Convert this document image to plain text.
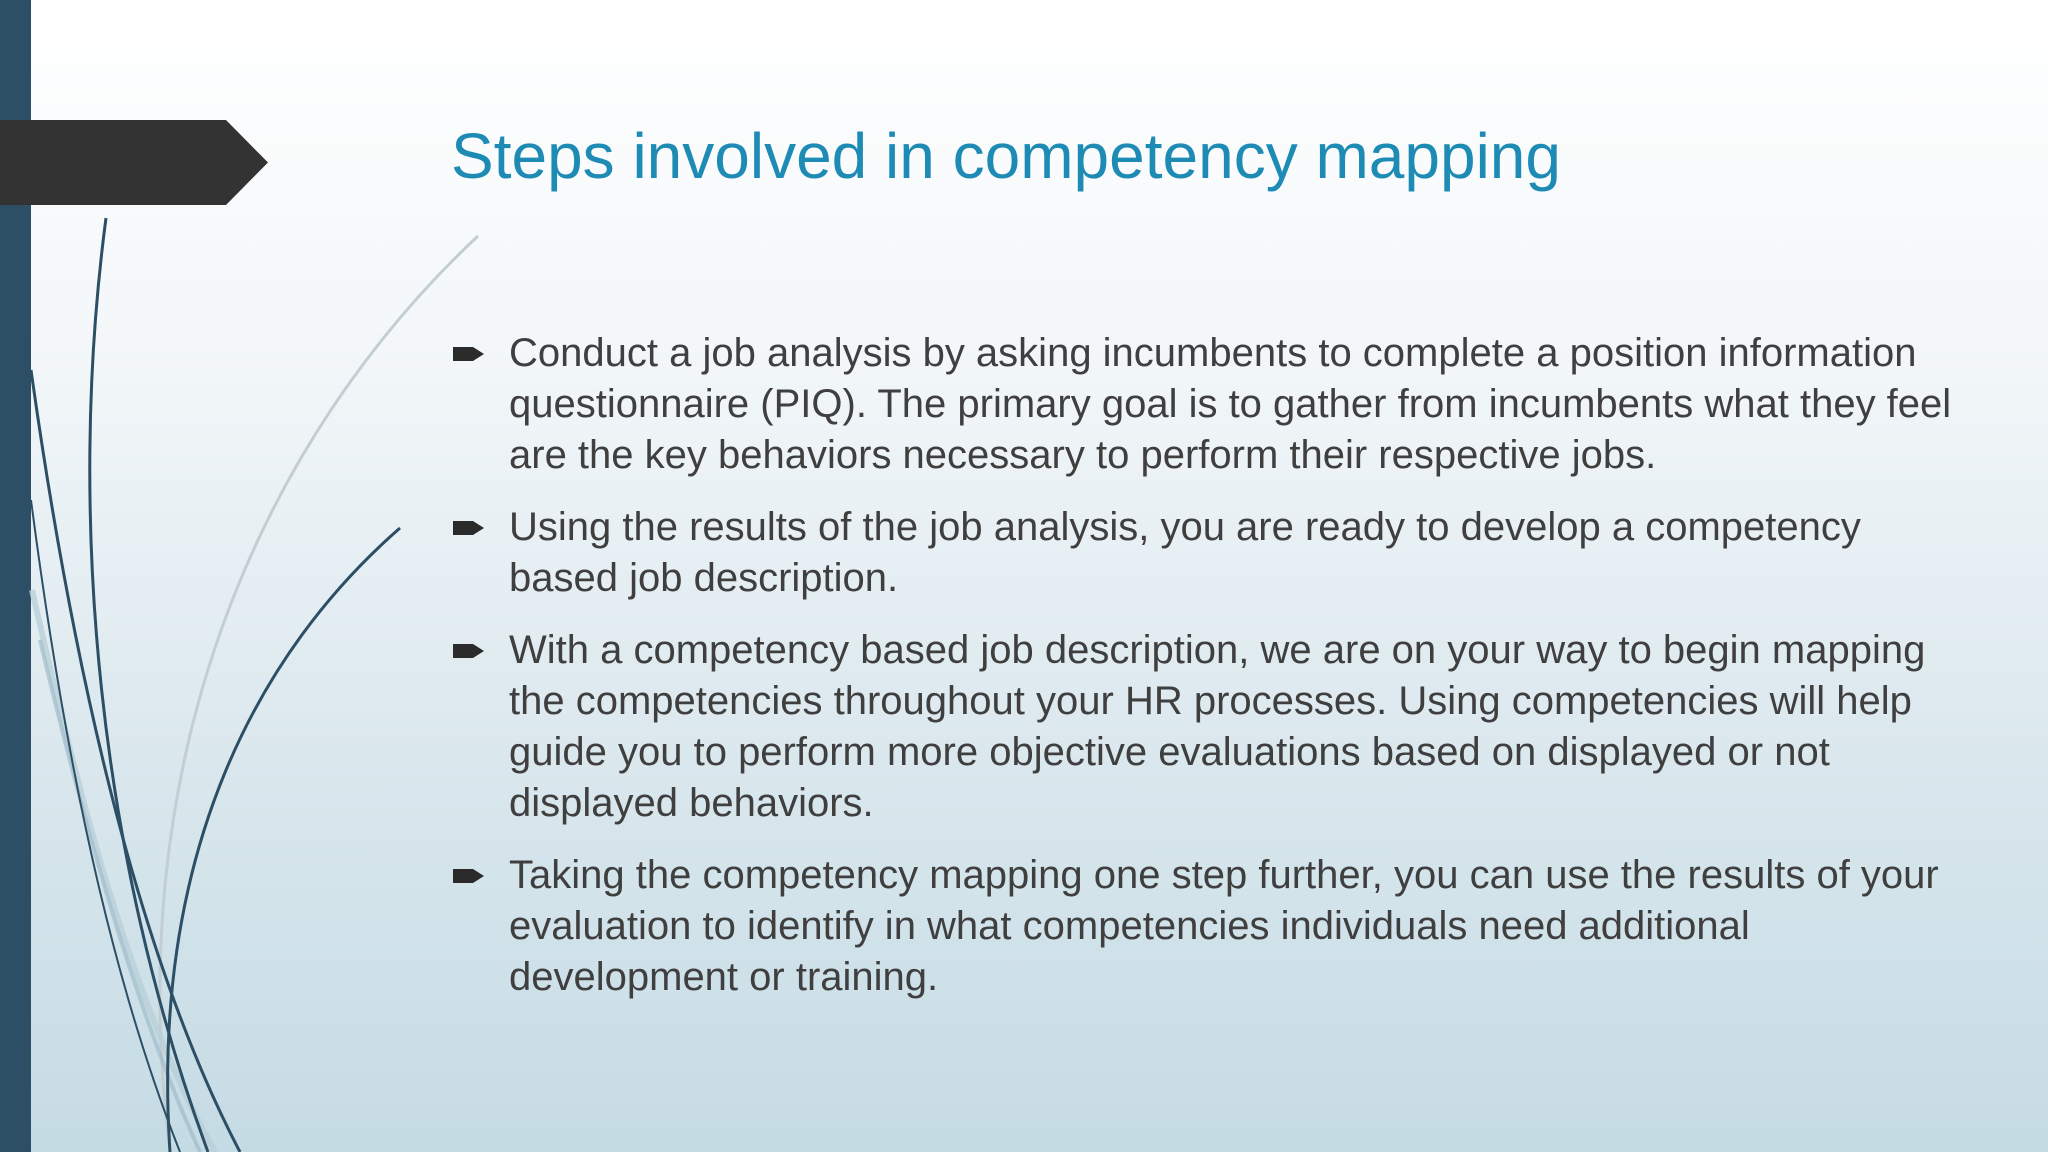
Steps involved in competency mapping
Conduct a job analysis by asking incumbents to complete a position information questionnaire (PIQ). The primary goal is to gather from incumbents what they feel are the key behaviors necessary to perform their respective jobs.
Using the results of the job analysis, you are ready to develop a competency based job description.
With a competency based job description, we are on your way to begin mapping the competencies throughout your HR processes. Using competencies will help guide you to perform more objective evaluations based on displayed or not displayed behaviors.
Taking the competency mapping one step further, you can use the results of your evaluation to identify in what competencies individuals need additional development or training.
